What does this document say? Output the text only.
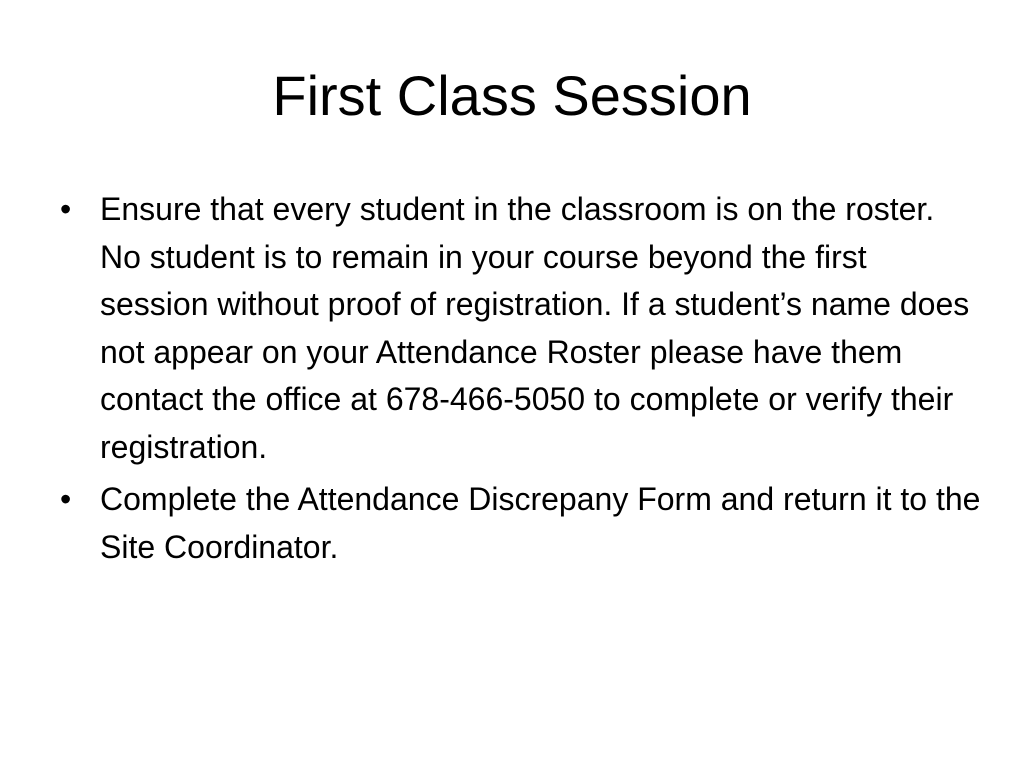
First Class Session
• Ensure that every student in the classroom is on the roster. No student is to remain in your course beyond the first session without proof of registration. If a student’s name does not appear on your Attendance Roster please have them contact the office at 678-466-5050 to complete or verify their registration.
• Complete the Attendance Discrepany Form and return it to the Site Coordinator.
